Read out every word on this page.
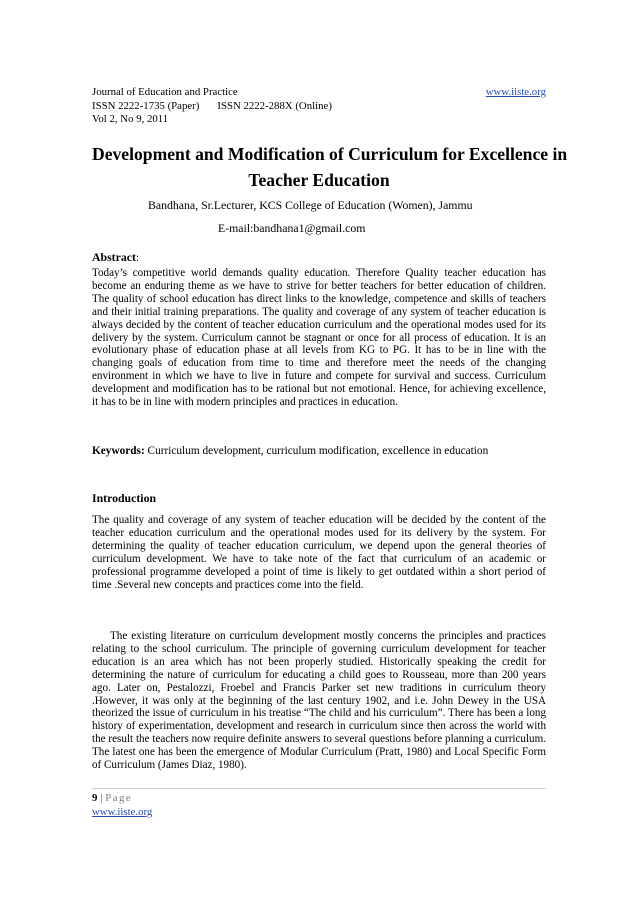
Journal of Education and Practice	www.iiste.org
ISSN 2222-1735 (Paper) ISSN 2222-288X (Online)
Vol 2, No 9, 2011
Development and Modification of Curriculum for Excellence in
Teacher Education
Bandhana, Sr.Lecturer, KCS College of Education (Women), Jammu
E-mail:bandhana1@gmail.com
Abstract:
Today’s competitive world demands quality education. Therefore Quality teacher education has become an enduring theme as we have to strive for better teachers for better education of children. The quality of school education has direct links to the knowledge, competence and skills of teachers and their initial training preparations. The quality and coverage of any system of teacher education is always decided by the content of teacher education curriculum and the operational modes used for its delivery by the system. Curriculum cannot be stagnant or once for all process of education. It is an evolutionary phase of education phase at all levels from KG to PG. It has to be in line with the changing goals of education from time to time and therefore meet the needs of the changing environment in which we have to live in future and compete for survival and success. Curriculum development and modification has to be rational but not emotional. Hence, for achieving excellence, it has to be in line with modern principles and practices in education.
Keywords: Curriculum development, curriculum modification, excellence in education
Introduction
The quality and coverage of any system of teacher education will be decided by the content of the teacher education curriculum and the operational modes used for its delivery by the system. For determining the quality of teacher education curriculum, we depend upon the general theories of curriculum development. We have to take note of the fact that curriculum of an academic or professional programme developed a point of time is likely to get outdated within a short period of time .Several new concepts and practices come into the field.
The existing literature on curriculum development mostly concerns the principles and practices relating to the school curriculum. The principle of governing curriculum development for teacher education is an area which has not been properly studied. Historically speaking the credit for determining the nature of curriculum for educating a child goes to Rousseau, more than 200 years ago. Later on, Pestalozzi, Froebel and Francis Parker set new traditions in curriculum theory .However, it was only at the beginning of the last century 1902, and i.e. John Dewey in the USA theorized the issue of curriculum in his treatise “The child and his curriculum”. There has been a long history of experimentation, development and research in curriculum since then across the world with the result the teachers now require definite answers to several questions before planning a curriculum. The latest one has been the emergence of Modular Curriculum (Pratt, 1980) and Local Specific Form of Curriculum (James Diaz, 1980).
9 | Page
www.iiste.org
